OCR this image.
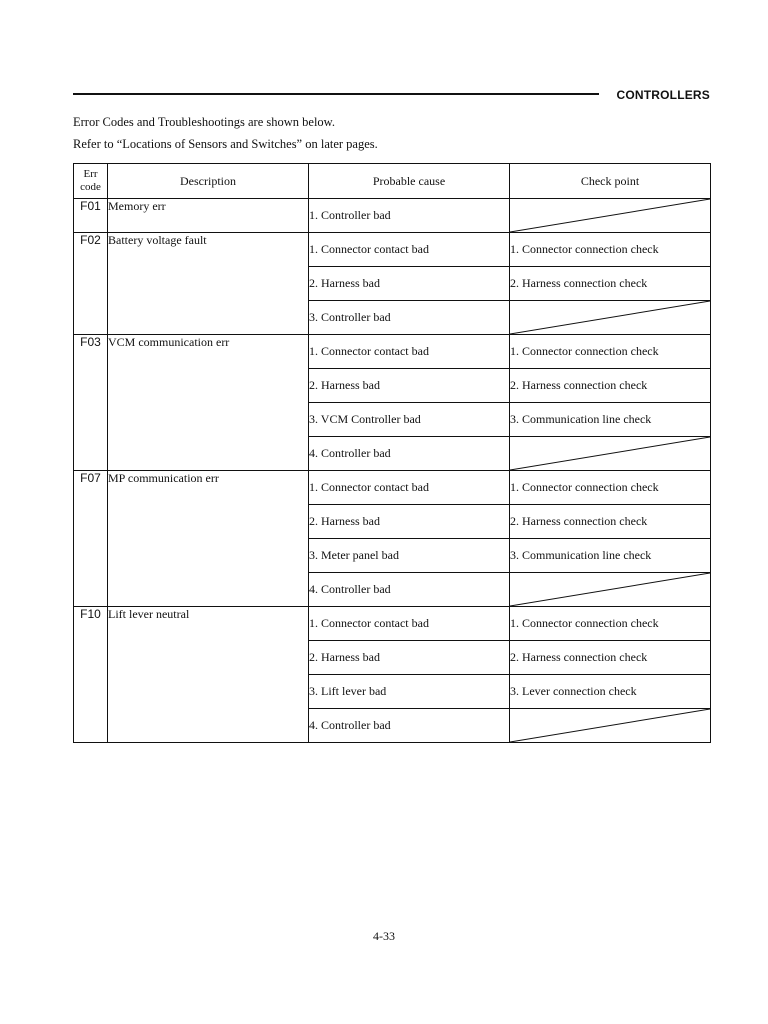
CONTROLLERS

Error Codes and Troubleshootings are shown below.

Refer to “Locations of Sensors and Switches” on later pages.

Err
code	Description	Probable cause	Check point
F01	Memory err	1. Controller bad	

F02	Battery voltage fault	1. Connector contact bad	1. Connector connection check
		2. Harness bad	2. Harness connection check
		3. Controller bad	

F03	VCM communication err	1. Connector contact bad	1. Connector connection check
		2. Harness bad	2. Harness connection check
		3. VCM Controller bad	3. Communication line check
		4. Controller bad	

F07	MP communication err	1. Connector contact bad	1. Connector connection check
		2. Harness bad	2. Harness connection check
		3. Meter panel bad	3. Communication line check
		4. Controller bad	

F10	Lift lever neutral	1. Connector contact bad	1. Connector connection check
		2. Harness bad	2. Harness connection check
		3. Lift lever bad	3. Lever connection check
		4. Controller bad	
4-33
